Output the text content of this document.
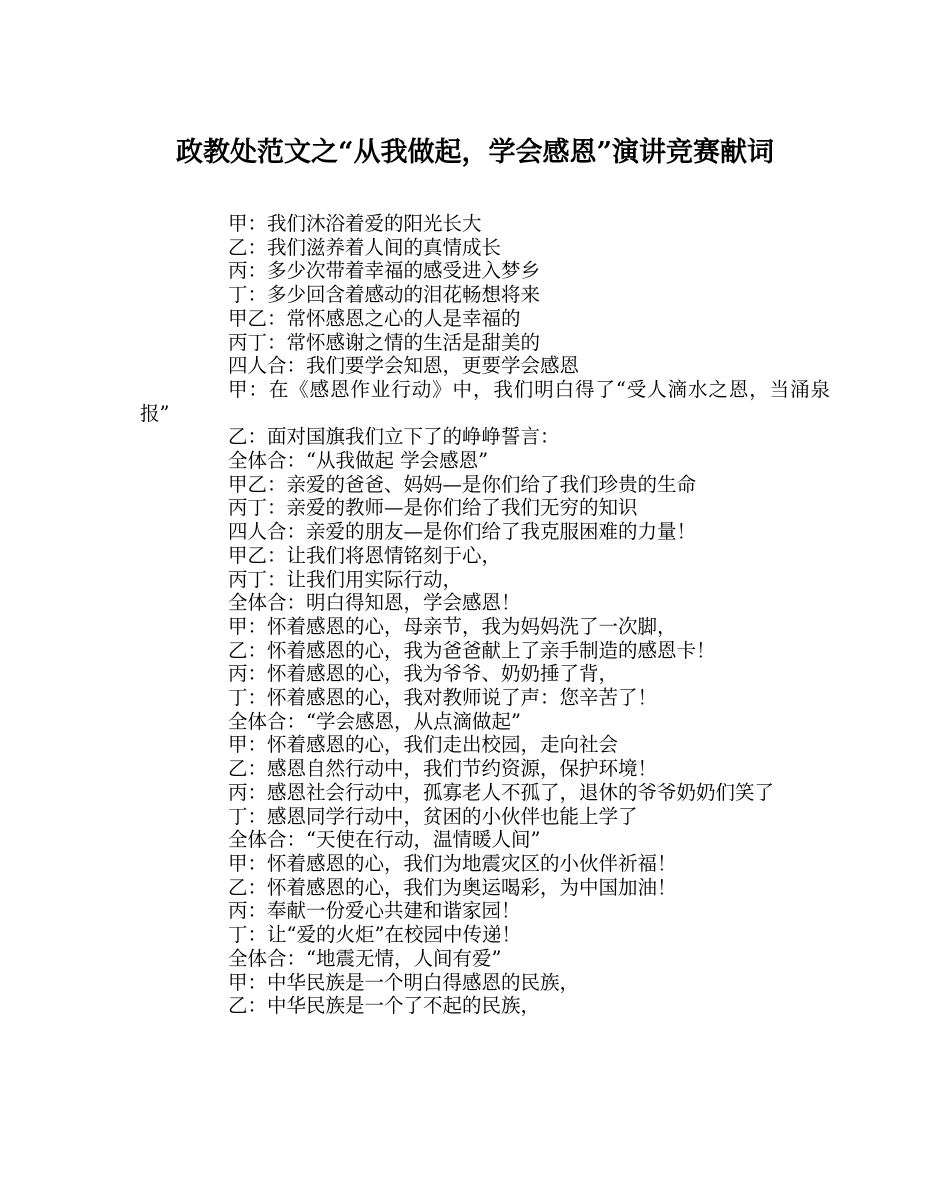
政教处范文之“从我做起，学会感恩”演讲竞赛献词

甲：我们沐浴着爱的阳光长大

乙：我们滋养着人间的真情成长

丙：多少次带着幸福的感受进入梦乡

丁：多少回含着感动的泪花畅想将来

甲乙：常怀感恩之心的人是幸福的

丙丁：常怀感谢之情的生活是甜美的

四人合：我们要学会知恩，更要学会感恩

甲：在《感恩作业行动》中，我们明白得了“受人滴水之恩，当涌泉报”

乙：面对国旗我们立下了的峥峥誓言：

全体合：“从我做起 学会感恩”

甲乙：亲爱的爸爸、妈妈—是你们给了我们珍贵的生命

丙丁：亲爱的教师—是你们给了我们无穷的知识

四人合：亲爱的朋友—是你们给了我克服困难的力量！

甲乙：让我们将恩情铭刻于心，

丙丁：让我们用实际行动，

全体合：明白得知恩，学会感恩！

甲：怀着感恩的心，母亲节，我为妈妈洗了一次脚，

乙：怀着感恩的心，我为爸爸献上了亲手制造的感恩卡！

丙：怀着感恩的心，我为爷爷、奶奶捶了背，

丁：怀着感恩的心，我对教师说了声：您辛苦了！

全体合：“学会感恩，从点滴做起”

甲：怀着感恩的心，我们走出校园，走向社会

乙：感恩自然行动中，我们节约资源，保护环境！

丙：感恩社会行动中，孤寡老人不孤了，退休的爷爷奶奶们笑了

丁：感恩同学行动中，贫困的小伙伴也能上学了

全体合：“天使在行动，温情暖人间”

甲：怀着感恩的心，我们为地震灾区的小伙伴祈福！

乙：怀着感恩的心，我们为奥运喝彩，为中国加油！

丙：奉献一份爱心共建和谐家园！

丁：让“爱的火炬”在校园中传递！

全体合：“地震无情，人间有爱”

甲：中华民族是一个明白得感恩的民族，

乙：中华民族是一个了不起的民族，
